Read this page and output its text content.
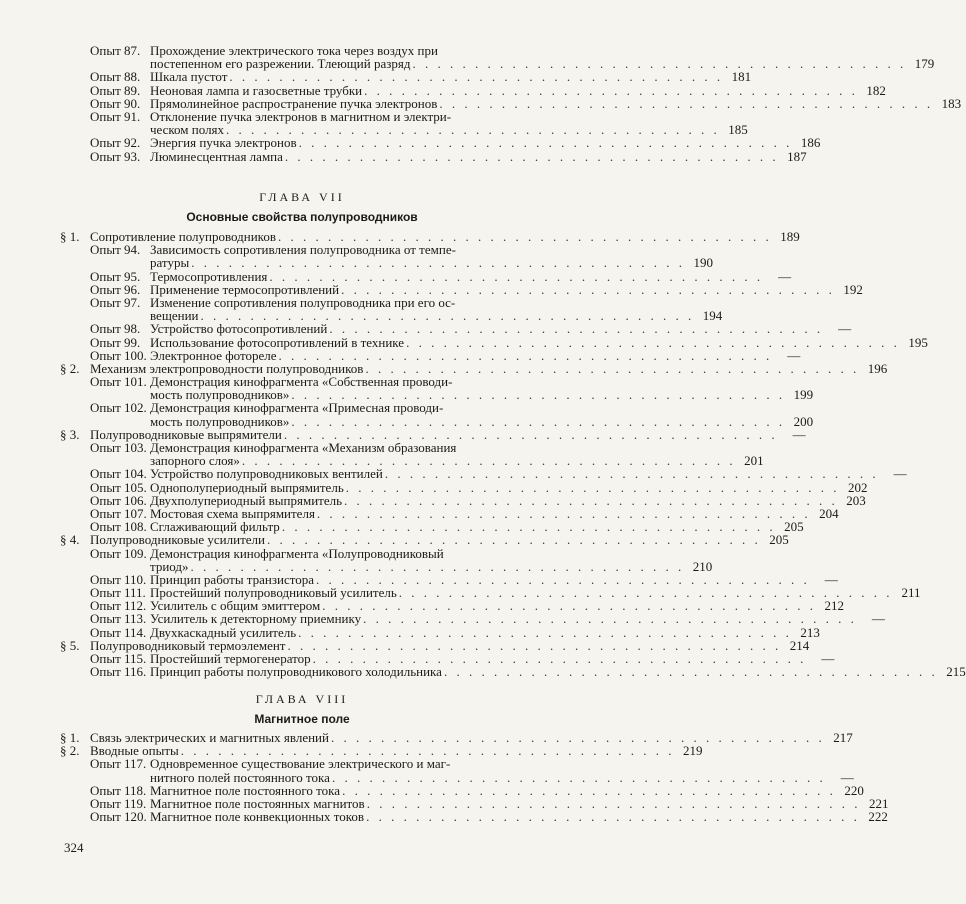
Опыт 87. Прохождение электрического тока через воздух при
постепенном его разрежении. Тлеющий разряд . . . . . . . . . . . . . . . . . . . . . . . . . . . . . . . . . . . . . . . . 179
Опыт 88. Шкала пустот . . . . . . . . . . . . . . . . . . . . . . . . . . . . . . . . . . . . . . . . 181
Опыт 89. Неоновая лампа и газосветные трубки . . . . . . . . . . . . . . . . . . . . . . . . . . . . . . . . . . . . . . . . 182
Опыт 90. Прямолинейное распространение пучка электронов . . . . . . . . . . . . . . . . . . . . . . . . . . . . . . . . . . . . . . . . 183
Опыт 91. Отклонение пучка электронов в магнитном и электри-
ческом полях . . . . . . . . . . . . . . . . . . . . . . . . . . . . . . . . . . . . . . . . 185
Опыт 92. Энергия пучка электронов . . . . . . . . . . . . . . . . . . . . . . . . . . . . . . . . . . . . . . . . 186
Опыт 93. Люминесцентная лампа . . . . . . . . . . . . . . . . . . . . . . . . . . . . . . . . . . . . . . . . 187
ГЛАВА VII
Основные свойства полупроводников
§ 1. Сопротивление полупроводников . . . . . . . . . . . . . . . . . . . . . . . . . . . . . . . . . . . . . . . . 189
Опыт 94. Зависимость сопротивления полупроводника от темпе-
ратуры . . . . . . . . . . . . . . . . . . . . . . . . . . . . . . . . . . . . . . . . 190
Опыт 95. Термосопротивления . . . . . . . . . . . . . . . . . . . . . . . . . . . . . . . . . . . . . . . .	—
Опыт 96. Применение термосопротивлений . . . . . . . . . . . . . . . . . . . . . . . . . . . . . . . . . . . . . . . . 192
Опыт 97. Изменение сопротивления полупроводника при его ос-
вещении . . . . . . . . . . . . . . . . . . . . . . . . . . . . . . . . . . . . . . . . 194
Опыт 98. Устройство фотосопротивлений . . . . . . . . . . . . . . . . . . . . . . . . . . . . . . . . . . . . . . . .	—
Опыт 99. Использование фотосопротивлений в технике . . . . . . . . . . . . . . . . . . . . . . . . . . . . . . . . . . . . . . . . 195
Опыт 100. Электронное фотореле . . . . . . . . . . . . . . . . . . . . . . . . . . . . . . . . . . . . . . . .	—
§ 2. Механизм электропроводности полупроводников . . . . . . . . . . . . . . . . . . . . . . . . . . . . . . . . . . . . . . . . 196
Опыт 101. Демонстрация кинофрагмента «Собственная проводи-
мость полупроводников» . . . . . . . . . . . . . . . . . . . . . . . . . . . . . . . . . . . . . . . . 199
Опыт 102. Демонстрация кинофрагмента «Примесная проводи-
мость полупроводников» . . . . . . . . . . . . . . . . . . . . . . . . . . . . . . . . . . . . . . . . 200
§ 3. Полупроводниковые выпрямители . . . . . . . . . . . . . . . . . . . . . . . . . . . . . . . . . . . . . . . .	—
Опыт 103. Демонстрация кинофрагмента «Механизм образования
запорного слоя» . . . . . . . . . . . . . . . . . . . . . . . . . . . . . . . . . . . . . . . . 201
Опыт 104. Устройство полупроводниковых вентилей . . . . . . . . . . . . . . . . . . . . . . . . . . . . . . . . . . . . . . . .	—
Опыт 105. Однополупериодный выпрямитель . . . . . . . . . . . . . . . . . . . . . . . . . . . . . . . . . . . . . . . . 202
Опыт 106. Двухполупериодный выпрямитель . . . . . . . . . . . . . . . . . . . . . . . . . . . . . . . . . . . . . . . . 203
Опыт 107. Мостовая схема выпрямителя . . . . . . . . . . . . . . . . . . . . . . . . . . . . . . . . . . . . . . . . 204
Опыт 108. Сглаживающий фильтр . . . . . . . . . . . . . . . . . . . . . . . . . . . . . . . . . . . . . . . . 205
§ 4. Полупроводниковые усилители . . . . . . . . . . . . . . . . . . . . . . . . . . . . . . . . . . . . . . . . 205
Опыт 109. Демонстрация кинофрагмента «Полупроводниковый
триод» . . . . . . . . . . . . . . . . . . . . . . . . . . . . . . . . . . . . . . . . 210
Опыт 110. Принцип работы транзистора . . . . . . . . . . . . . . . . . . . . . . . . . . . . . . . . . . . . . . . .	—
Опыт 111. Простейший полупроводниковый усилитель . . . . . . . . . . . . . . . . . . . . . . . . . . . . . . . . . . . . . . . . 211
Опыт 112. Усилитель с общим эмиттером . . . . . . . . . . . . . . . . . . . . . . . . . . . . . . . . . . . . . . . . 212
Опыт 113. Усилитель к детекторному приемнику . . . . . . . . . . . . . . . . . . . . . . . . . . . . . . . . . . . . . . . .	—
Опыт 114. Двухкаскадный усилитель . . . . . . . . . . . . . . . . . . . . . . . . . . . . . . . . . . . . . . . . 213
§ 5. Полупроводниковый термоэлемент . . . . . . . . . . . . . . . . . . . . . . . . . . . . . . . . . . . . . . . . 214
Опыт 115. Простейший термогенератор . . . . . . . . . . . . . . . . . . . . . . . . . . . . . . . . . . . . . . . .	—
Опыт 116. Принцип работы полупроводникового холодильника . . . . . . . . . . . . . . . . . . . . . . . . . . . . . . . . . . . . . . . . 215
ГЛАВА VIII
Магнитное поле
§ 1. Связь электрических и магнитных явлений . . . . . . . . . . . . . . . . . . . . . . . . . . . . . . . . . . . . . . . . 217
§ 2. Вводные опыты . . . . . . . . . . . . . . . . . . . . . . . . . . . . . . . . . . . . . . . . 219
Опыт 117. Одновременное существование электрического и маг-
нитного полей постоянного тока . . . . . . . . . . . . . . . . . . . . . . . . . . . . . . . . . . . . . . . .	—
Опыт 118. Магнитное поле постоянного тока . . . . . . . . . . . . . . . . . . . . . . . . . . . . . . . . . . . . . . . . 220
Опыт 119. Магнитное поле постоянных магнитов . . . . . . . . . . . . . . . . . . . . . . . . . . . . . . . . . . . . . . . . 221
Опыт 120. Магнитное поле конвекционных токов . . . . . . . . . . . . . . . . . . . . . . . . . . . . . . . . . . . . . . . . 222
324
